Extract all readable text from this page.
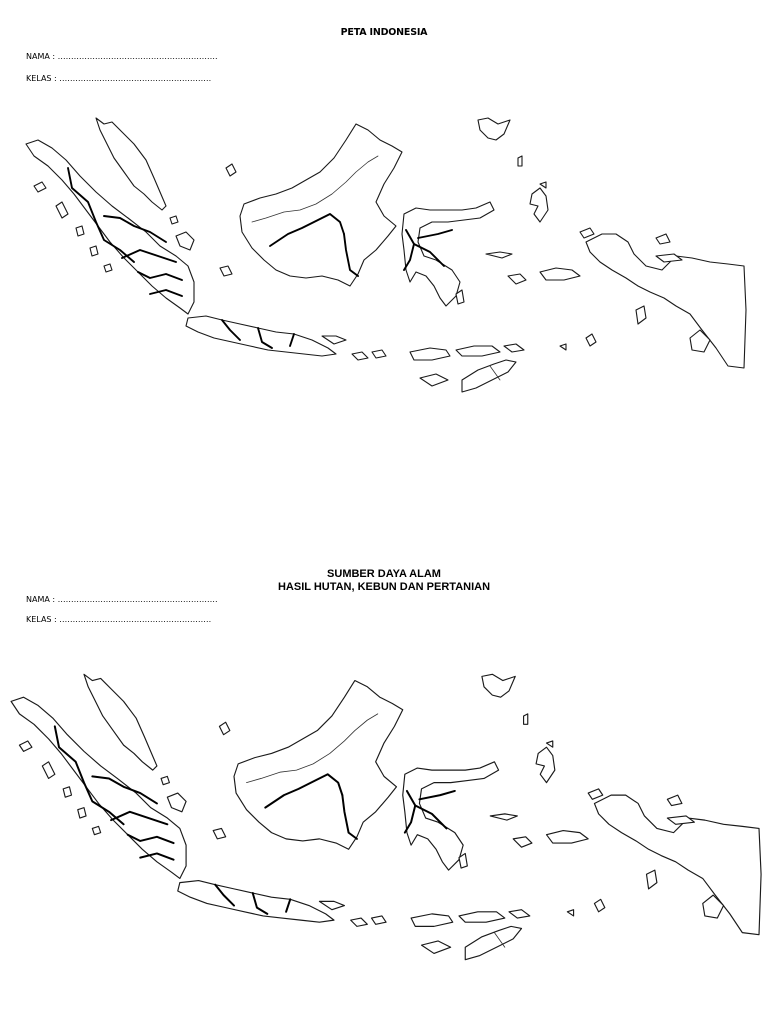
PETA INDONESIA
NAMA : ……………………………………………………
KELAS : …………………………………………………
SUMBER DAYA ALAM
HASIL HUTAN, KEBUN DAN PERTANIAN
NAMA : ……………………………………………………
KELAS : …………………………………………………
